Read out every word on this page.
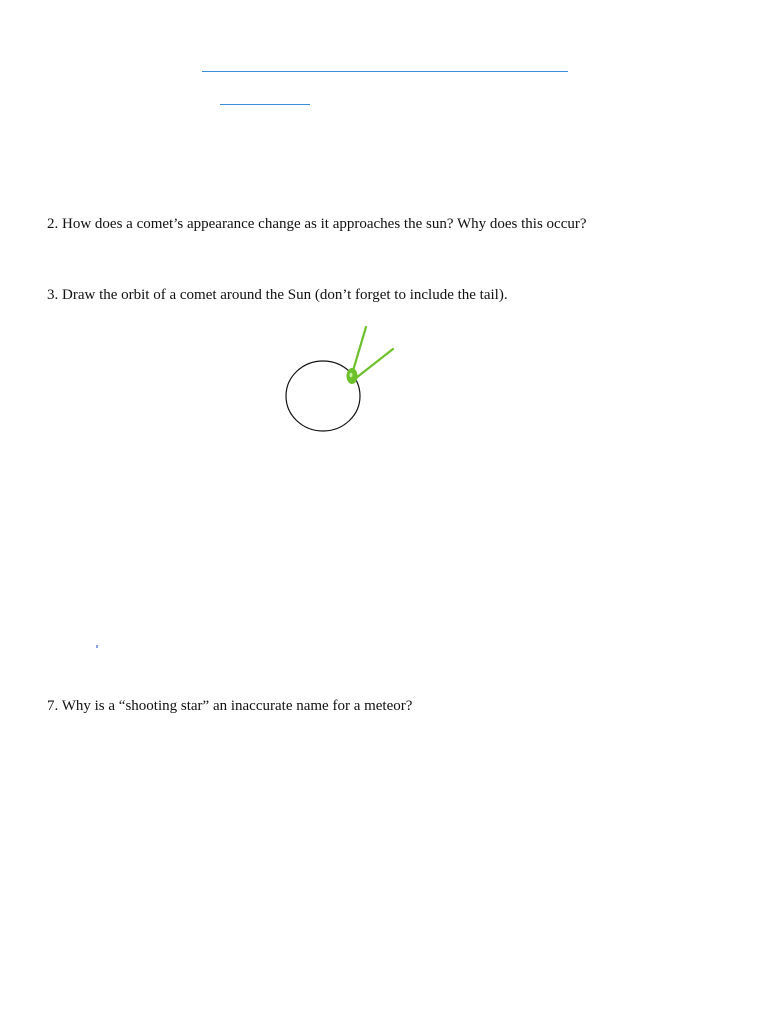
2. How does a comet’s appearance change as it approaches the sun? Why does this occur?
3. Draw the orbit of a comet around the Sun (don’t forget to include the tail).
7. Why is a “shooting star” an inaccurate name for a meteor?
